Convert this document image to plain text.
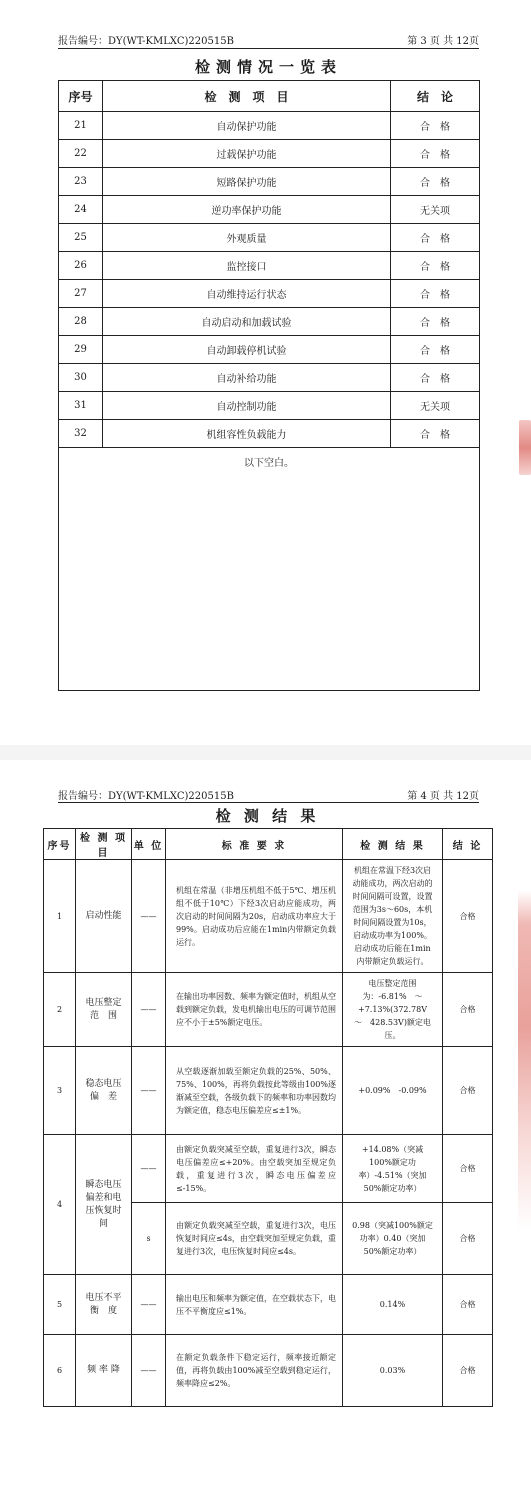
报告编号：DY(WT-KMLXC)220515B	第 3 页 共 12页
检测情况一览表
序号	检　测　项　目	结　论
21	自动保护功能	合　格
22	过载保护功能	合　格
23	短路保护功能	合　格
24	逆功率保护功能	无关项
25	外观质量	合　格
26	监控接口	合　格
27	自动维持运行状态	合　格
28	自动启动和加载试验	合　格
29	自动卸载停机试验	合　格
30	自动补给功能	合　格
31	自动控制功能	无关项
32	机组容性负载能力	合　格
以下空白。		
报告编号：DY(WT-KMLXC)220515B	第 4 页 共 12页
检 测 结 果
序号	检 测 项 目	单 位	标 准 要 求	检 测 结 果	结 论
1	启动性能	——	机组在常温（非增压机组不低于5℃、增压机组不低于10℃）下经3次启动应能成功，两次启动的时间间隔为20s，启动成功率应大于99%。启动成功后应能在1min内带额定负载运行。	机组在常温下经3次启动能成功，两次启动的时间间隔可设置，设置范围为3s～60s，本机时间间隔设置为10s，启动成功率为100%。启动成功后能在1min内带额定负载运行。	合格
2	电压整定范　围	——	在输出功率因数、频率为额定值时，机组从空载到额定负载，发电机输出电压的可调节范围应不小于±5%额定电压。	电压整定范围为：-6.81%　～　+7.13%(372.78V　～　428.53V)额定电压。	合格
3	稳态电压偏　差	——	从空载逐渐加载至额定负载的25%、50%、75%、100%，再将负载按此等级由100%逐渐减至空载，各级负载下的频率和功率因数均为额定值，稳态电压偏差应≤±1%。	+0.09%　-0.09%	合格
4	瞬态电压偏差和电压恢复时　间	——	由额定负载突减至空载，重复进行3次，瞬态电压偏差应≤+20%。由空载突加至规定负载，重复进行3次，瞬态电压偏差应≤-15%。	+14.08%（突减100%额定功率）-4.51%（突加50%额定功率）	合格
		s	由额定负载突减至空载，重复进行3次，电压恢复时间应≤4s，由空载突加至规定负载，重复进行3次，电压恢复时间应≤4s。	0.98（突减100%额定功率）0.40（突加50%额定功率）	合格
5	电压不平衡　度	——	输出电压和频率为额定值，在空载状态下，电压不平衡度应≤1%。	0.14%	合格
6	频 率 降	——	在额定负载条件下稳定运行，频率接近额定值，再将负载由100%减至空载到稳定运行，频率降应≤2%。	0.03%	合格
